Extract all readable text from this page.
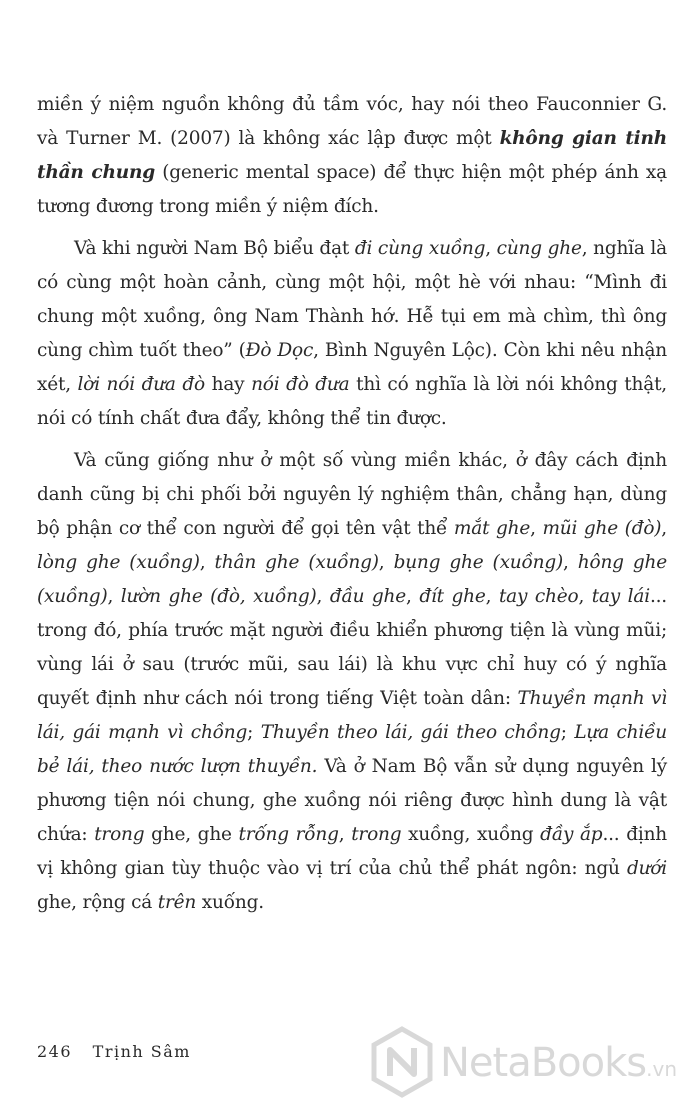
miền ý niệm nguồn không đủ tầm vóc, hay nói theo Fauconnier G. và Turner M. (2007) là không xác lập được một không gian tinh thần chung (generic mental space) để thực hiện một phép ánh xạ tương đương trong miền ý niệm đích.

Và khi người Nam Bộ biểu đạt đi cùng xuồng, cùng ghe, nghĩa là có cùng một hoàn cảnh, cùng một hội, một hè với nhau: “Mình đi chung một xuồng, ông Nam Thành hớ. Hễ tụi em mà chìm, thì ông cùng chìm tuốt theo” (Đò Dọc, Bình Nguyên Lộc). Còn khi nêu nhận xét, lời nói đưa đò hay nói đò đưa thì có nghĩa là lời nói không thật, nói có tính chất đưa đẩy, không thể tin được.

Và cũng giống như ở một số vùng miền khác, ở đây cách định danh cũng bị chi phối bởi nguyên lý nghiệm thân, chẳng hạn, dùng bộ phận cơ thể con người để gọi tên vật thể mắt ghe, mũi ghe (đò), lòng ghe (xuồng), thân ghe (xuồng), bụng ghe (xuồng), hông ghe (xuồng), lườn ghe (đò, xuồng), đầu ghe, đít ghe, tay chèo, tay lái... trong đó, phía trước mặt người điều khiển phương tiện là vùng mũi; vùng lái ở sau (trước mũi, sau lái) là khu vực chỉ huy có ý nghĩa quyết định như cách nói trong tiếng Việt toàn dân: Thuyền mạnh vì lái, gái mạnh vì chồng; Thuyền theo lái, gái theo chồng; Lựa chiều bẻ lái, theo nước lượn thuyền. Và ở Nam Bộ vẫn sử dụng nguyên lý phương tiện nói chung, ghe xuồng nói riêng được hình dung là vật chứa: trong ghe, ghe trống rỗng, trong xuồng, xuồng đầy ắp... định vị không gian tùy thuộc vào vị trí của chủ thể phát ngôn: ngủ dưới ghe, rộng cá trên xuống.

246 Trịnh Sâm	NetaBooks.vn
